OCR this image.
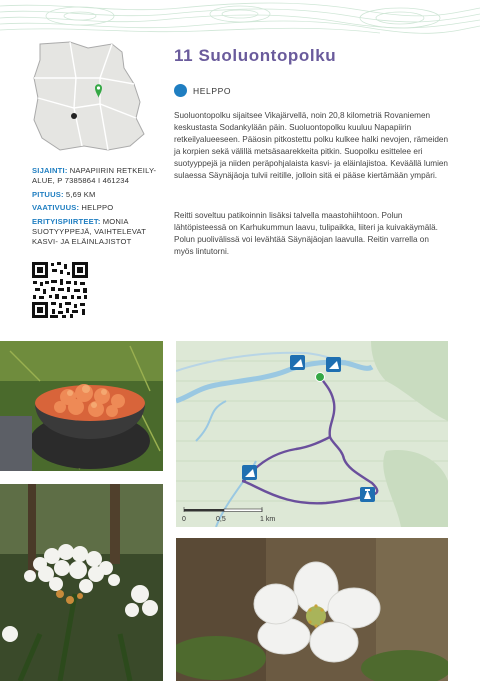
SIJAINTI: NAPAPIIRIN RETKEILY-ALUE, P 7385864 I 461234
PITUUS: 5,69 KM
VAATIVUUS: HELPPO
ERITYISPIIRTEET: MONIA SUOTYYPPEJÄ, VAIHTELEVAT KASVI- JA ELÄINLAJISTOT
11 Suoluontopolku
HELPPO

Suoluontopolku sijaitsee Vikajärvellä, noin 20,8 kilometriä Rovaniemen keskustasta Sodankylään päin. Suoluontopolku kuuluu Napapiirin retkeilyalueeseen. Pääosin pitkostettu polku kulkee halki nevojen, rämeiden ja korpien sekä välillä metsäsaarekkeita pitkin. Suopolku esittelee eri suotyyppejä ja niiden peräpohjalaista kasvi- ja eläinlajistoa. Keväällä lumien sulaessa Säynäjäoja tulvii reitille, jolloin sitä ei pääse kiertämään ympäri.

Reitti soveltuu patikoinnin lisäksi talvella maastohiihtoon. Polun lähtöpisteessä on Karhukummun laavu, tulipaikka, liiteri ja kuivakäymälä. Polun puolivälissä voi levähtää Säynäjäojan laavulla. Reitin varrella on myös lintutorni.

0	0,5	1 km
